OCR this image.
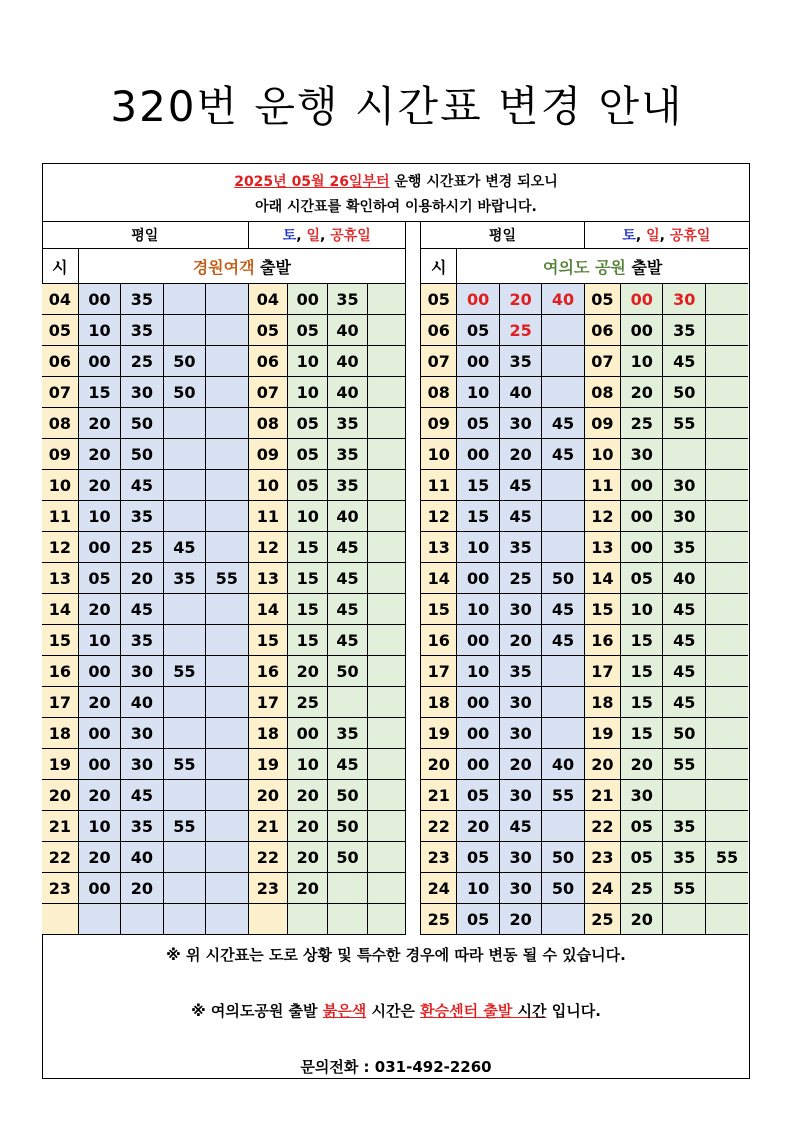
320번 운행 시간표 변경 안내
2025년 05월 26일부터 운행 시간표가 변경 되오니
아래 시간표를 확인하여 이용하시기 바랍니다.
평일					토, 일, 공휴일					평일				토, 일, 공휴일			
시	경원여객 출발									시	여의도 공원 출발						
04	00	35			04	00	35			05	00	20	40	05	00	30	
05	10	35			05	05	40			06	05	25		06	00	35	
06	00	25	50		06	10	40			07	00	35		07	10	45	
07	15	30	50		07	10	40			08	10	40		08	20	50	
08	20	50			08	05	35			09	05	30	45	09	25	55	
09	20	50			09	05	35			10	00	20	45	10	30		
10	20	45			10	05	35			11	15	45		11	00	30	
11	10	35			11	10	40			12	15	45		12	00	30	
12	00	25	45		12	15	45			13	10	35		13	00	35	
13	05	20	35	55	13	15	45			14	00	25	50	14	05	40	
14	20	45			14	15	45			15	10	30	45	15	10	45	
15	10	35			15	15	45			16	00	20	45	16	15	45	
16	00	30	55		16	20	50			17	10	35		17	15	45	
17	20	40			17	25				18	00	30		18	15	45	
18	00	30			18	00	35			19	00	30		19	15	50	
19	00	30	55		19	10	45			20	00	20	40	20	20	55	
20	20	45			20	20	50			21	05	30	55	21	30		
21	10	35	55		21	20	50			22	20	45		22	05	35	
22	20	40			22	20	50			23	05	30	50	23	05	35	55
23	00	20			23	20				24	10	30	50	24	25	55	
										25	05	20		25	20		
※ 위 시간표는 도로 상황 및 특수한 경우에 따라 변동 될 수 있습니다.
※ 여의도공원 출발 붉은색 시간은 환승센터 출발 시간 입니다.
문의전화 : 031-492-2260
